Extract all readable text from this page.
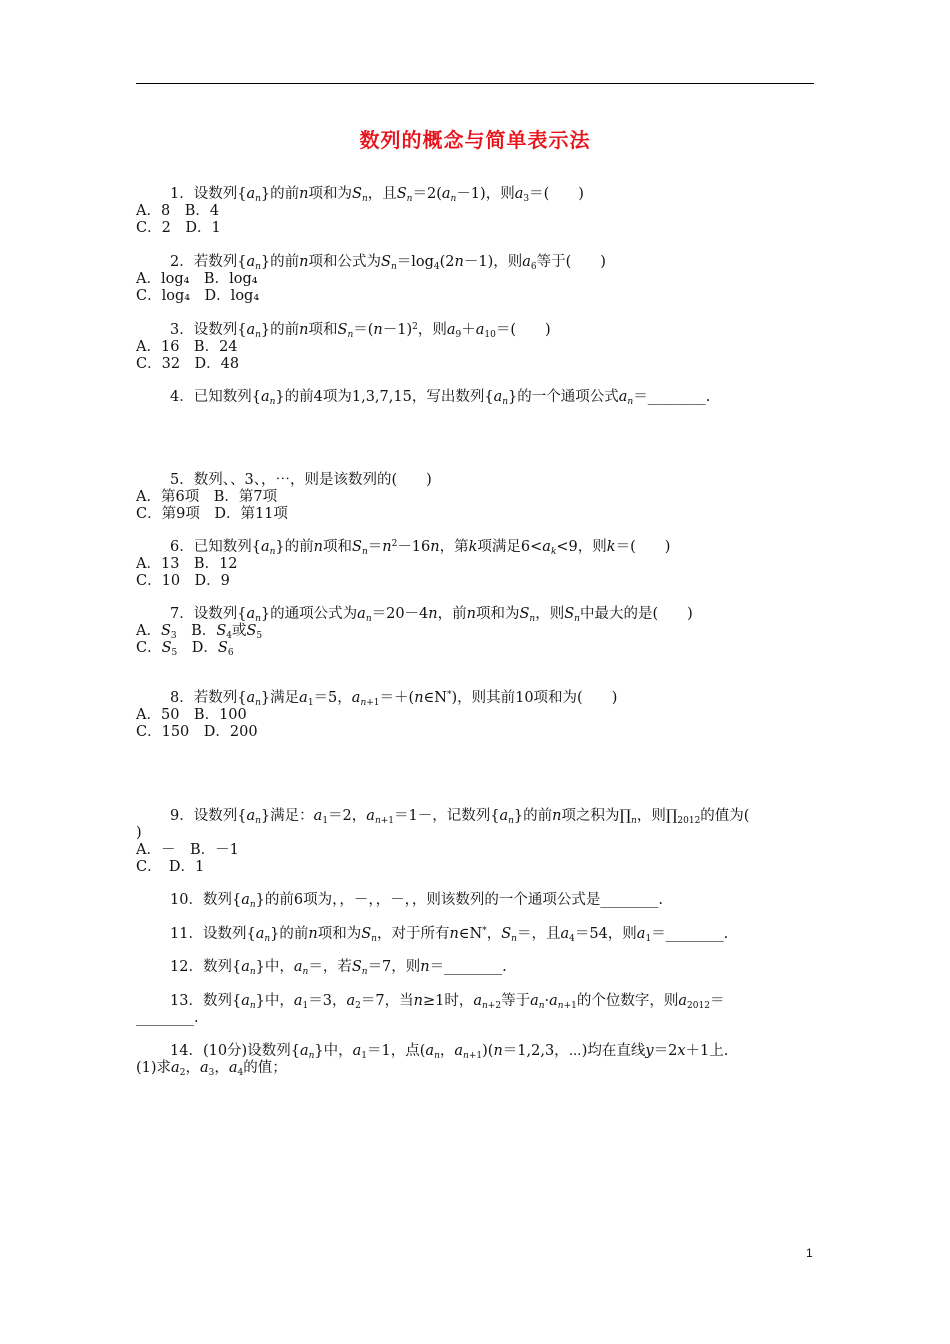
数列的概念与简单表示法
1．设数列$\{a_n\}$的前n项和为$S_n$，且$S_n=2(a_n-1)$，则$a_3=$(　　)
A．8　B．4
C．2　D．1
2．若数列$\{a_n\}$的前n项和公式为$S_n=\log_4(2n-1)$，则$a_6$等于(　　)
A．log₄　B．log₄
C．log₄　D．log₄
3．设数列$\{a_n\}$的前n项和$S_n=(n-1)^2$，则$a_9+a_{10}=$(　　)
A．16　B．24
C．32　D．48
4．已知数列$\{a_n\}$的前4项为1,3,7,15，写出数列$\{a_n\}$的一个通项公式$a_n=\_\_\_\_\_\_\_\_$.
5．数列、、3、，⋯，则是该数列的(　　)
A．第6项　B．第7项
C．第9项　D．第11项
6．已知数列$\{a_n\}$的前n项和$S_n=n^2-16n$，第k项满足$6<a_k<9$，则k＝(　　)
A．13　B．12
C．10　D．9
7．设数列$\{a_n\}$的通项公式为$a_n=20-4n$，前n项和为$S_n$，则$S_n$中最大的是(　　)
A．$S_3$　B．$S_4$或$S_5$
C．$S_5$　D．$S_6$
8．若数列$\{a_n\}$满足$a_1=5$，$a_{n+1}=+(n\in N^*)$，则其前10项和为(　　)
A．50　B．100
C．150　D．200
9．设数列$\{a_n\}$满足：$a_1=2$，$a_{n+1}=1-$，记数列$\{a_n\}$的前n项之积为$\prod_n$，则$\prod_{2012}$的值为(
)
A．－　B．－1
C．　D．1
10．数列$\{a_n\}$的前6项为，，－，，－，，则该数列的一个通项公式是________.
11．设数列$\{a_n\}$的前n项和为$S_n$，对于所有n∈N*，$S_n=$，且$a_4=54$，则$a_1=\_\_\_\_\_\_\_\_$.
12．数列$\{a_n\}$中，$a_n=$，若$S_n=7$，则n＝________.
13．数列$\{a_n\}$中，$a_1=3$，$a_2=7$，当n≥1时，$a_{n+2}$等于$a_n\cdot a_{n+1}$的个位数字，则$a_{2012}=$
________.
14．(10分)设数列$\{a_n\}$中，$a_1=1$，点($a_n$，$a_{n+1})(n=1,2,3$，⋯)均在直线y＝2x＋1上.
(1)求$a_2$，$a_3$，$a_4$的值；
1
